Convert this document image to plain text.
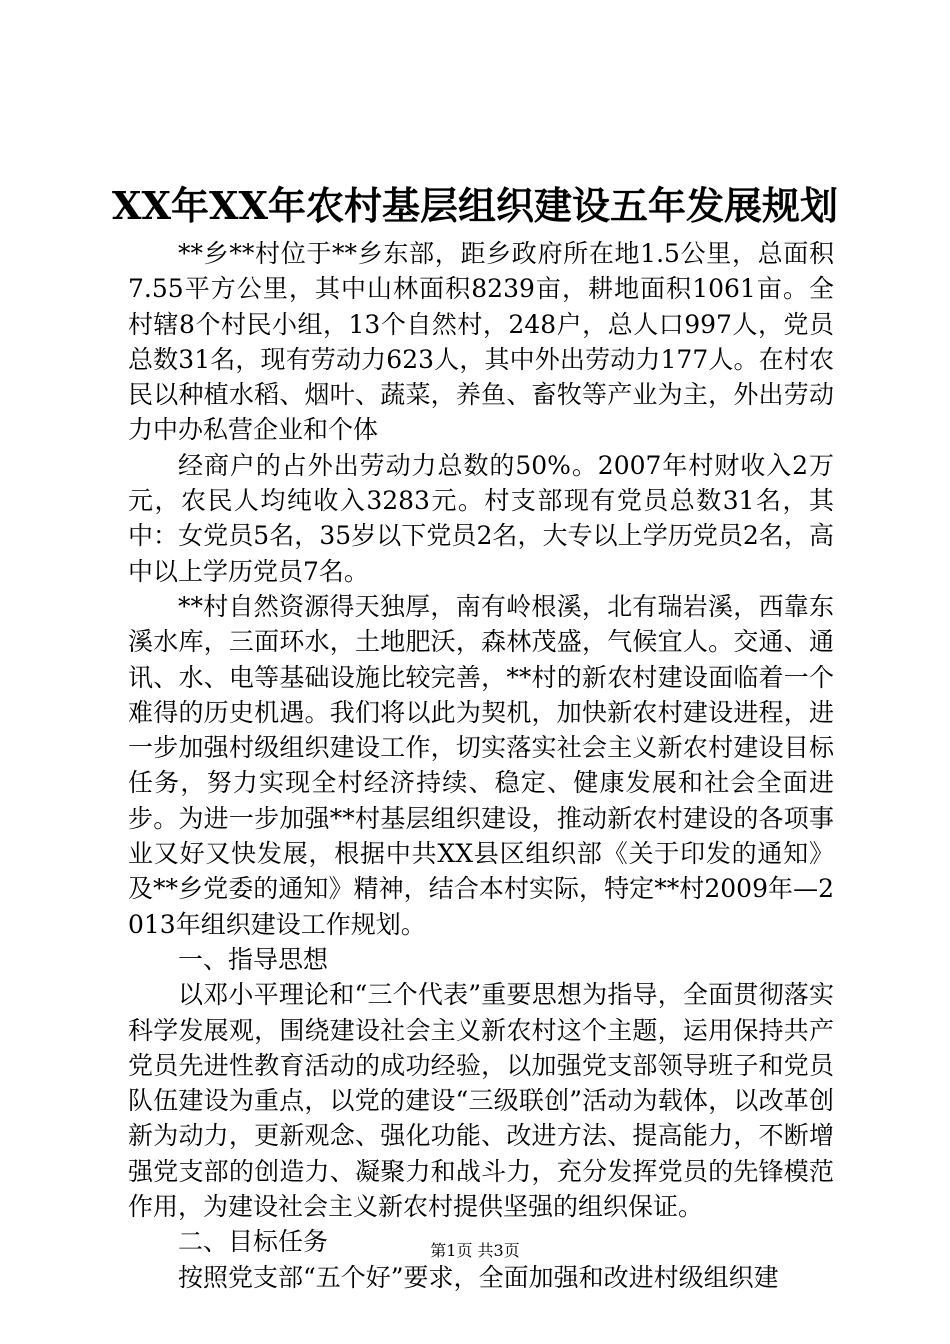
XX年XX年农村基层组织建设五年发展规划

**乡**村位于**乡东部，距乡政府所在地1.5公里，总面积7.55平方公里，其中山林面积8239亩，耕地面积1061亩。全村辖8个村民小组，13个自然村，248户，总人口997人，党员总数31名，现有劳动力623人，其中外出劳动力177人。在村农民以种植水稻、烟叶、蔬菜，养鱼、畜牧等产业为主，外出劳动力中办私营企业和个体

经商户的占外出劳动力总数的50%。2007年村财收入2万元，农民人均纯收入3283元。村支部现有党员总数31名，其中：女党员5名，35岁以下党员2名，大专以上学历党员2名，高中以上学历党员7名。

**村自然资源得天独厚，南有岭根溪，北有瑞岩溪，西靠东溪水库，三面环水，土地肥沃，森林茂盛，气候宜人。交通、通讯、水、电等基础设施比较完善，**村的新农村建设面临着一个难得的历史机遇。我们将以此为契机，加快新农村建设进程，进一步加强村级组织建设工作，切实落实社会主义新农村建设目标任务，努力实现全村经济持续、稳定、健康发展和社会全面进步。为进一步加强**村基层组织建设，推动新农村建设的各项事业又好又快发展，根据中共XX县区组织部《关于印发的通知》及**乡党委的通知》精神，结合本村实际，特定**村2009年—2013年组织建设工作规划。

一、指导思想

以邓小平理论和“三个代表”重要思想为指导，全面贯彻落实科学发展观，围绕建设社会主义新农村这个主题，运用保持共产党员先进性教育活动的成功经验，以加强党支部领导班子和党员队伍建设为重点，以党的建设“三级联创”活动为载体，以改革创新为动力，更新观念、强化功能、改进方法、提高能力，不断增强党支部的创造力、凝聚力和战斗力，充分发挥党员的先锋模范作用，为建设社会主义新农村提供坚强的组织保证。

二、目标任务

按照党支部“五个好”要求，全面加强和改进村级组织建

第1页 共3页
